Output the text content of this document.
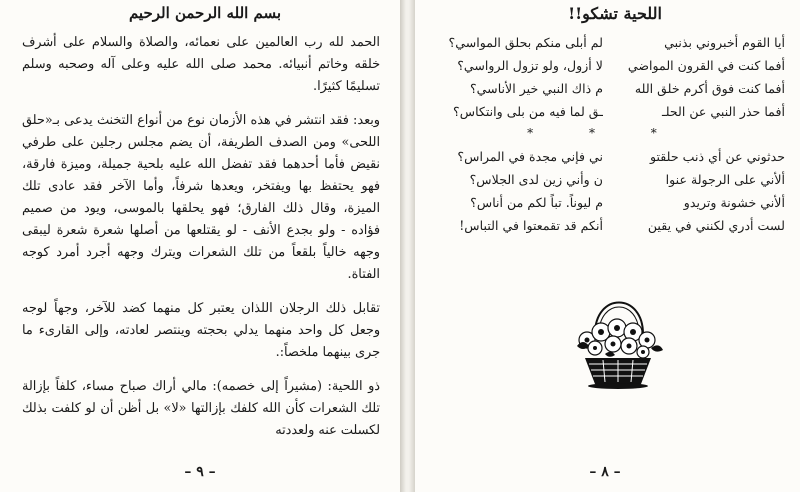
بسم الله الرحمن الرحيم

الحمد لله رب العالمين على نعمائه، والصلاة والسلام على أشرف خلقه وخاتم أنبيائه. محمد صلى الله عليه وعلى آله وصحبه وسلم تسليمًا كثيرًا.

وبعد: فقد انتشر في هذه الأزمان نوع من أنواع التخنث يدعى بـ«حلق اللحى» ومن الصدف الطريفة، أن يضم مجلس رجلين على طرفي نقيض فأما أحدهما فقد تفضل الله عليه بلحية جميلة، وميزة فارقة، فهو يحتفظ بها ويفتخر، ويعدها شرفاً، وأما الآخر فقد عادى تلك الميزة، وقال ذلك الفارق؛ فهو يحلقها بالموسى، ويود من صميم فؤاده - ولو بجدع الأنف - لو يقتلعها من أصلها شعرة شعرة ليبقى وجهه خالياً بلقعاً من تلك الشعرات ويترك وجهه أجرد أمرد كوجه الفتاة.

تقابل ذلك الرجلان اللذان يعتبر كل منهما كضد للآخر، وجهاً لوجه وجعل كل واحد منهما يدلي بحجته وينتصر لعادته، وإلى القارىء ما جرى بينهما ملخصاً:.

ذو اللحية: (مشيراً إلى خصمه): مالي أراك صباح مساء، كلفاً بإزالة تلك الشعرات كأن الله كلفك بإزالتها «لا» بل أظن أن لو كلفت بذلك لكسلت عنه ولعددته

– ٩ –
اللحية تشكو!!
أيا القوم أخبروني بذنبي
لم أبلى منكم بحلق المواسي؟
أفما كنت في القرون المواضي
لا أزول، ولو تزول الرواسي؟
أفما كنت فوق أكرم خلق الله
م ذاك النبي خير الأناسي؟
أفما حذر النبي عن الحلـ
ـق لما فيه من بلى وانتكاس؟
* * *
حدثوني عن أي ذنب حلقتو
ني فإني مجدة في المراس؟
ألأني على الرجولة عنوا
ن وأني زين لدى الجلاس؟
ألأني خشونة وتريدو
م ليوناً. تباً لكم من أناس؟
لست أدري لكنني في يقين
أنكم قد تقمعتوا في التباس!
– ٨ –
